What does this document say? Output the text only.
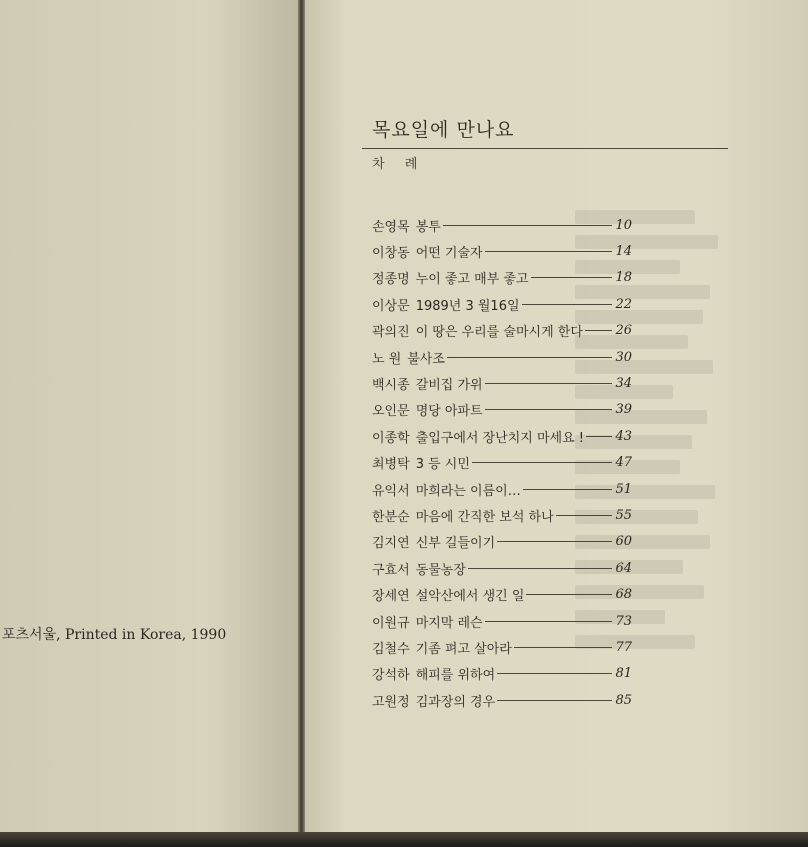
포츠서울, Printed in Korea, 1990
목요일에 만나요
차 례
손영목 봉투	10
이창동 어떤 기술자	14
정종명 누이 좋고 매부 좋고	18
이상문 1989년 3 월16일	22
곽의진 이 땅은 우리를 술마시게 한다	26
노 원 불사조	30
백시종 갈비집 가위	34
오인문 명당 아파트	39
이종학 출입구에서 장난치지 마세요 ! 43
최병탁 3 등 시민	47
유익서 마희라는 이름이…	51
한분순 마음에 간직한 보석 하나	55
김지연 신부 길들이기	60
구효서 동물농장	64
장세연 설악산에서 생긴 일	68
이원규 마지막 레슨	73
김철수 기좀 펴고 살아라	77
강석하 해피를 위하여	81
고원정 김과장의 경우	85
